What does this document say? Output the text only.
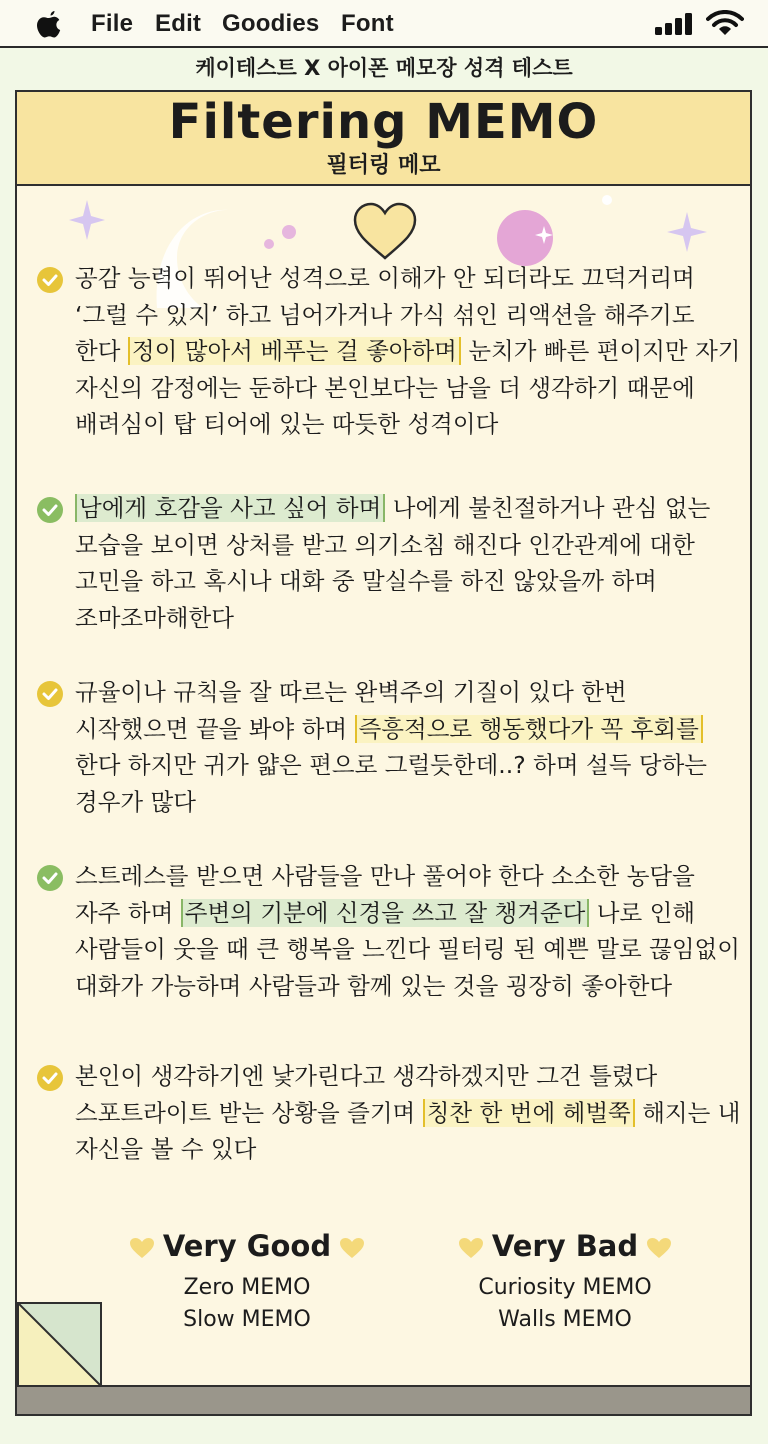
File Edit Goodies Font
케이테스트 X 아이폰 메모장 성격 테스트
Filtering MEMO
필터링 메모
공감 능력이 뛰어난 성격으로 이해가 안 되더라도 끄덕거리며 ‘그럴 수 있지’ 하고 넘어가거나 가식 섞인 리액션을 해주기도 한다 정이 많아서 베푸는 걸 좋아하며 눈치가 빠른 편이지만 자기 자신의 감정에는 둔하다 본인보다는 남을 더 생각하기 때문에 배려심이 탑 티어에 있는 따듯한 성격이다
남에게 호감을 사고 싶어 하며 나에게 불친절하거나 관심 없는 모습을 보이면 상처를 받고 의기소침 해진다 인간관계에 대한 고민을 하고 혹시나 대화 중 말실수를 하진 않았을까 하며 조마조마해한다
규율이나 규칙을 잘 따르는 완벽주의 기질이 있다 한번 시작했으면 끝을 봐야 하며 즉흥적으로 행동했다가 꼭 후회를 한다 하지만 귀가 얇은 편으로 그럴듯한데..? 하며 설득 당하는 경우가 많다
스트레스를 받으면 사람들을 만나 풀어야 한다 소소한 농담을 자주 하며 주변의 기분에 신경을 쓰고 잘 챙겨준다 나로 인해 사람들이 웃을 때 큰 행복을 느낀다 필터링 된 예쁜 말로 끊임없이 대화가 가능하며 사람들과 함께 있는 것을 굉장히 좋아한다
본인이 생각하기엔 낯가린다고 생각하겠지만 그건 틀렸다 스포트라이트 받는 상황을 즐기며 칭찬 한 번에 헤벌쭉 해지는 내 자신을 볼 수 있다
Very Good
Zero MEMO
Slow MEMO
Very Bad
Curiosity MEMO
Walls MEMO
